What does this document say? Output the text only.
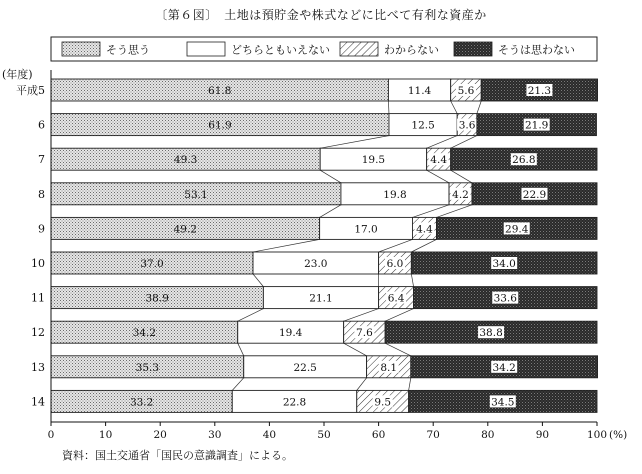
〔第６図〕　土地は預貯金や株式などに比べて有利な資産か
そう思う	どちらともいえない	わからない	そうは思わない
61.8	11.4	5.6	21.3
61.9	12.5 3.6	21.9
49.3	19.5	4.4	26.8
53.1	19.8	4.2	22.9
49.2	17.0	4.4	29.4
37.0	23.0	6.0	34.0
38.9	21.1	6.4	33.6
34.2	19.4	7.6	38.8
35.3	22.5	8.1	34.2
33.2	22.8	9.5	34.5
0	10	20	30	40	50	60	70	80	90	100 (%)
(年度)
平成5
6
7
8
9
10
11
12
13
14
資料：国土交通省「国民の意識調査」による。
